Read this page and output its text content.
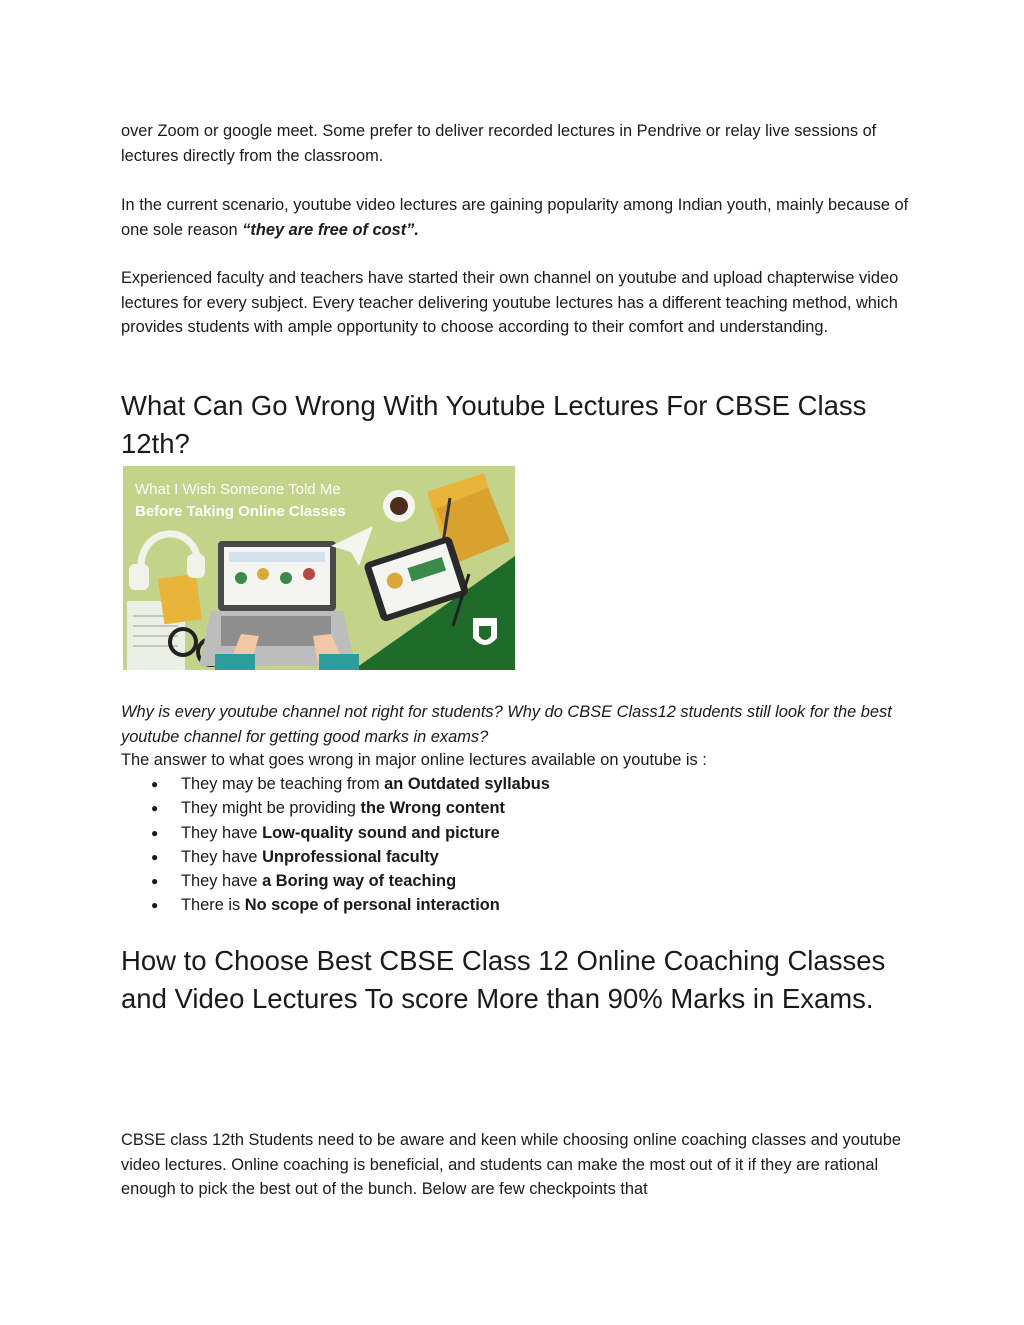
over Zoom or google meet. Some prefer to deliver recorded lectures in Pendrive or relay live sessions of lectures directly from the classroom.

In the current scenario, youtube video lectures are gaining popularity among Indian youth, mainly because of one sole reason “they are free of cost”.

Experienced faculty and teachers have started their own channel on youtube and upload chapterwise video lectures for every subject. Every teacher delivering youtube lectures has a different teaching method, which provides students with ample opportunity to choose according to their comfort and understanding.

What Can Go Wrong With Youtube Lectures For CBSE Class 12th?
What I Wish Someone Told Me
Before Taking Online Classes

Why is every youtube channel not right for students? Why do CBSE Class12 students still look for the best youtube channel for getting good marks in exams?

The answer to what goes wrong in major online lectures available on youtube is :

● They may be teaching from an Outdated syllabus
● They might be providing the Wrong content
● They have Low-quality sound and picture
● They have Unprofessional faculty
● They have a Boring way of teaching
● There is No scope of personal interaction
How to Choose Best CBSE Class 12 Online Coaching Classes and Video Lectures To score More than 90% Marks in Exams.

CBSE class 12th Students need to be aware and keen while choosing online coaching classes and youtube video lectures. Online coaching is beneficial, and students can make the most out of it if they are rational enough to pick the best out of the bunch. Below are few checkpoints that
